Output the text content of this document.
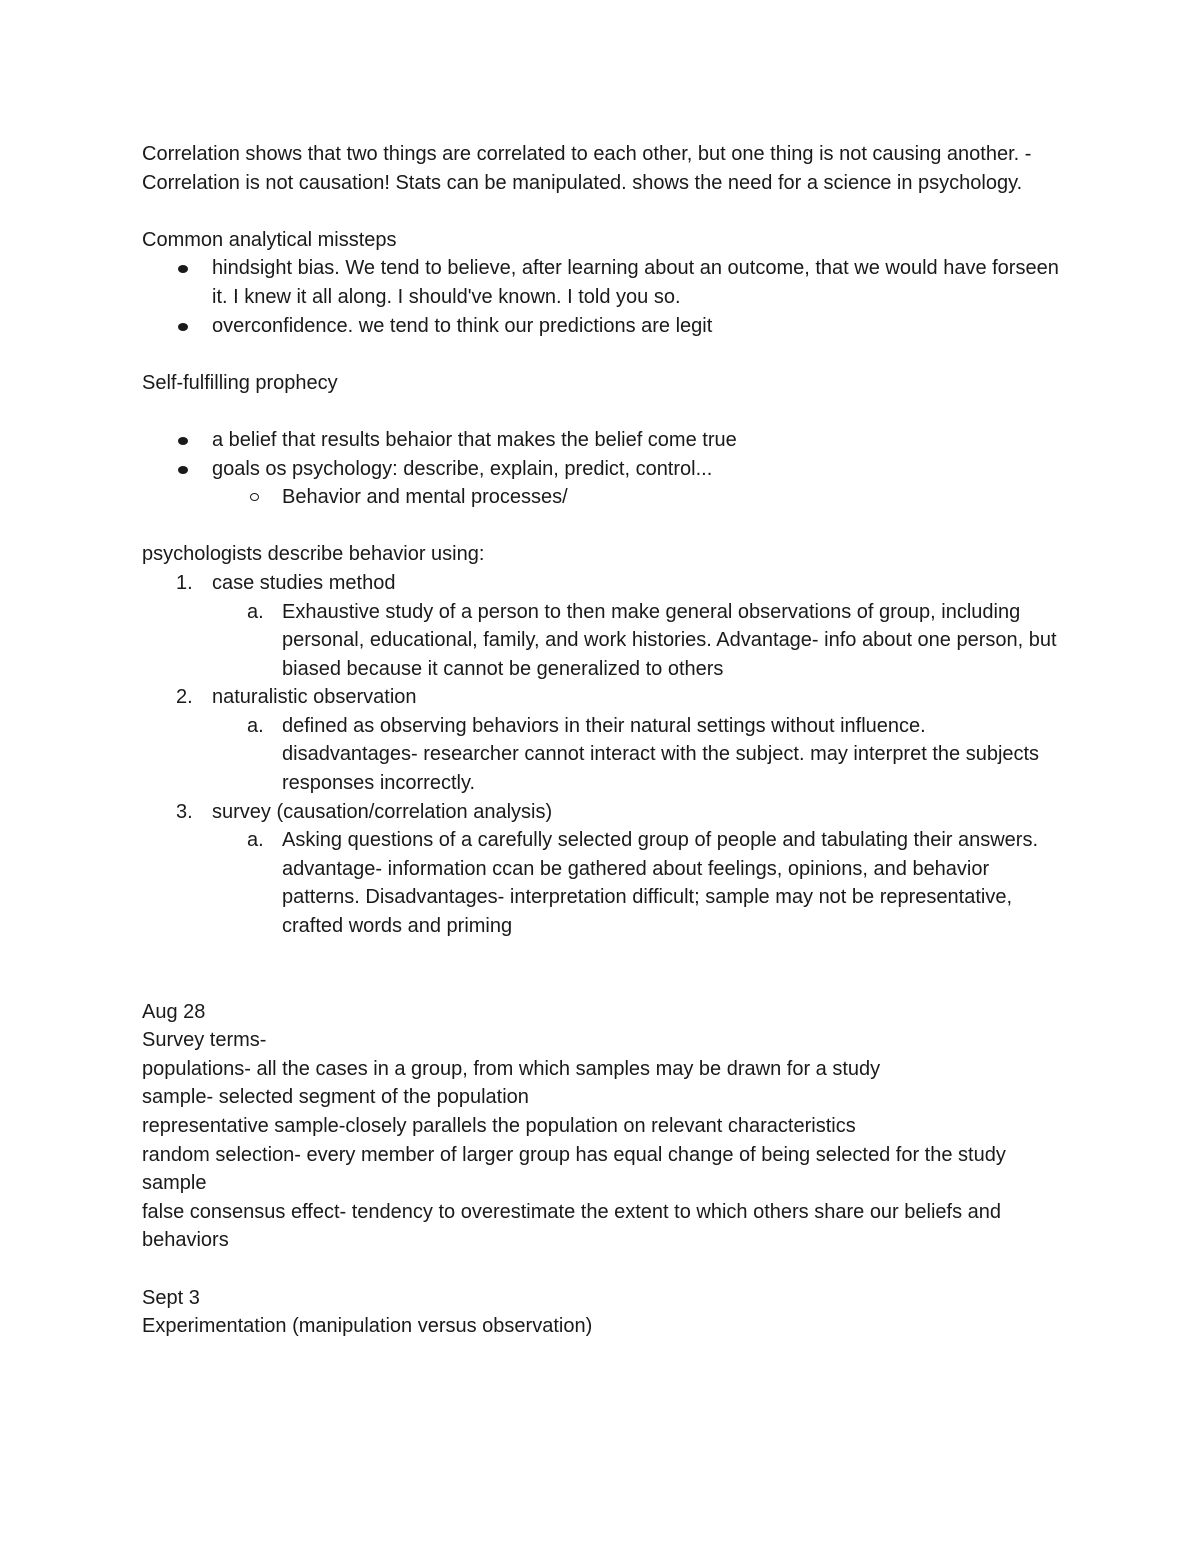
Correlation shows that two things are correlated to each other, but one thing is not causing another. - Correlation is not causation! Stats can be manipulated. shows the need for a science in psychology.

Common analytical missteps

hindsight bias. We tend to believe, after learning about an outcome, that we would have forseen it. I knew it all along. I should've known. I told you so.
overconfidence. we tend to think our predictions are legit

Self-fulfilling prophecy

a belief that results behaior that makes the belief come true
goals os psychology: describe, explain, predict, control...
Behavior and mental processes/

psychologists describe behavior using:

1. case studies method
a. Exhaustive study of a person to then make general observations of group, including personal, educational, family, and work histories. Advantage- info about one person, but biased because it cannot be generalized to others
2. naturalistic observation
a. defined as observing behaviors in their natural settings without influence. disadvantages- researcher cannot interact with the subject. may interpret the subjects responses incorrectly.
3. survey (causation/correlation analysis)
a. Asking questions of a carefully selected group of people and tabulating their answers. advantage- information ccan be gathered about feelings, opinions, and behavior patterns. Disadvantages- interpretation difficult; sample may not be representative, crafted words and priming

Aug 28

Survey terms-

populations- all the cases in a group, from which samples may be drawn for a study

sample- selected segment of the population

representative sample-closely parallels the population on relevant characteristics

random selection- every member of larger group has equal change of being selected for the study sample

false consensus effect- tendency to overestimate the extent to which others share our beliefs and behaviors

Sept 3

Experimentation (manipulation versus observation)
